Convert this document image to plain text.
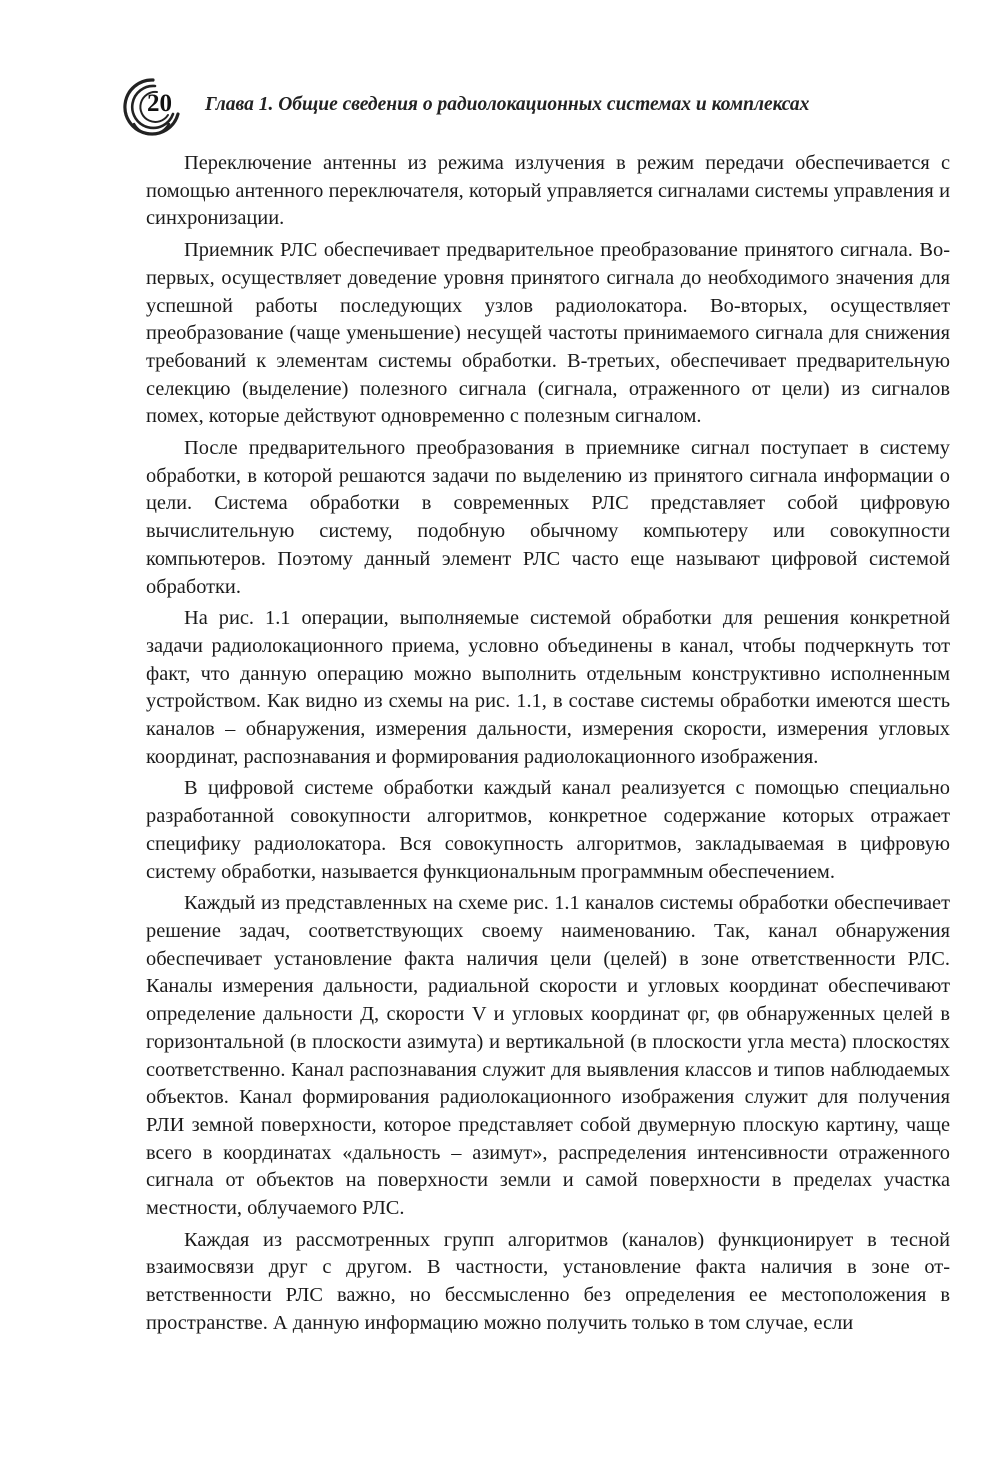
20 Глава 1. Общие сведения о радиолокационных системах и комплексах

Переключение антенны из режима излучения в режим передачи обеспечивается с помощью антенного переключателя, который управляется сигналами системы управления и синхронизации.

Приемник РЛС обеспечивает предварительное преобразование принятого сигнала. Во-первых, осуществляет доведение уровня принятого сигнала до необходимого значения для успешной работы последующих узлов радиолокатора. Во-вторых, осуществляет преобразование (чаще уменьшение) несущей частоты принимаемого сигнала для снижения требований к элементам системы обработки. В-третьих, обеспечивает предварительную селекцию (выделение) полезного сигнала (сигнала, отраженного от цели) из сигналов помех, которые действуют одновременно с полезным сигналом.

После предварительного преобразования в приемнике сигнал поступает в систему обработки, в которой решаются задачи по выделению из принятого сигнала информации о цели. Система обработки в современных РЛС представляет собой цифровую вычислительную систему, подобную обычному компьютеру или совокупности компьютеров. Поэтому данный элемент РЛС часто еще называют цифровой системой обработки.

На рис. 1.1 операции, выполняемые системой обработки для решения конкретной задачи радиолокационного приема, условно объединены в канал, чтобы подчеркнуть тот факт, что данную операцию можно выполнить отдельным конструктивно исполненным устройством. Как видно из схемы на рис. 1.1, в составе системы обработки имеются шесть каналов – обнаружения, измерения дальности, измерения скорости, измерения угловых координат, распознавания и формирования радиолокационного изображения.

В цифровой системе обработки каждый канал реализуется с помощью специально разработанной совокупности алгоритмов, конкретное содержание которых отражает специфику радиолокатора. Вся совокупность алгоритмов, закладываемая в цифровую систему обработки, называется функциональным программным обеспечением.

Каждый из представленных на схеме рис. 1.1 каналов системы обработки обеспечивает решение задач, соответствующих своему наименованию. Так, канал обнаружения обеспечивает установление факта наличия цели (целей) в зоне ответственности РЛС. Каналы измерения дальности, радиальной скорости и угловых координат обеспечивают определение дальности Д, скорости V и угловых координат φг, φв обнаруженных целей в горизонтальной (в плоскости азимута) и вертикальной (в плоскости угла места) плоскостях соответственно. Канал распознавания служит для выявления классов и типов наблюдаемых объектов. Канал формирования радиолокационного изображения служит для получения РЛИ земной поверхности, которое представляет собой двумерную плоскую картину, чаще всего в координатах «дальность – азимут», распределения интенсивности отраженного сигнала от объектов на поверхности земли и самой поверхности в пределах участка местности, облучаемого РЛС.

Каждая из рассмотренных групп алгоритмов (каналов) функционирует в тесной взаимосвязи друг с другом. В частности, установление факта наличия в зоне ответственности РЛС важно, но бессмысленно без определения ее местоположения в пространстве. А данную информацию можно получить только в том случае, если
